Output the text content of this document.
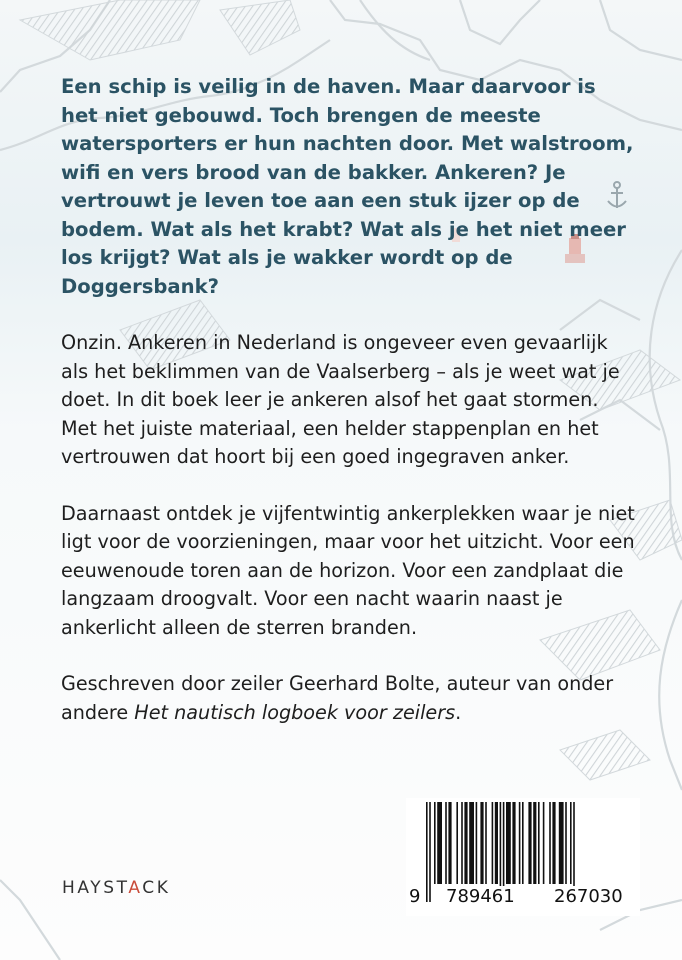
Een schip is veilig in de haven. Maar daarvoor is het niet gebouwd. Toch brengen de meeste watersporters er hun nachten door. Met walstroom, wifi en vers brood van de bakker. Ankeren? Je vertrouwt je leven toe aan een stuk ijzer op de bodem. Wat als het krabt? Wat als je het niet meer los krijgt? Wat als je wakker wordt op de Doggersbank?

Onzin. Ankeren in Nederland is ongeveer even gevaarlijk als het beklimmen van de Vaalserberg – als je weet wat je doet. In dit boek leer je ankeren alsof het gaat stormen. Met het juiste materiaal, een helder stappenplan en het vertrouwen dat hoort bij een goed ingegraven anker.

Daarnaast ontdek je vijfentwintig ankerplekken waar je niet ligt voor de voorzieningen, maar voor het uitzicht. Voor een eeuwenoude toren aan de horizon. Voor een zandplaat die langzaam droogvalt. Voor een nacht waarin naast je ankerlicht alleen de sterren branden.

Geschreven door zeiler Geerhard Bolte, auteur van onder andere Het nautisch logboek voor zeilers.

HAYSTACK	9 789461 267030
